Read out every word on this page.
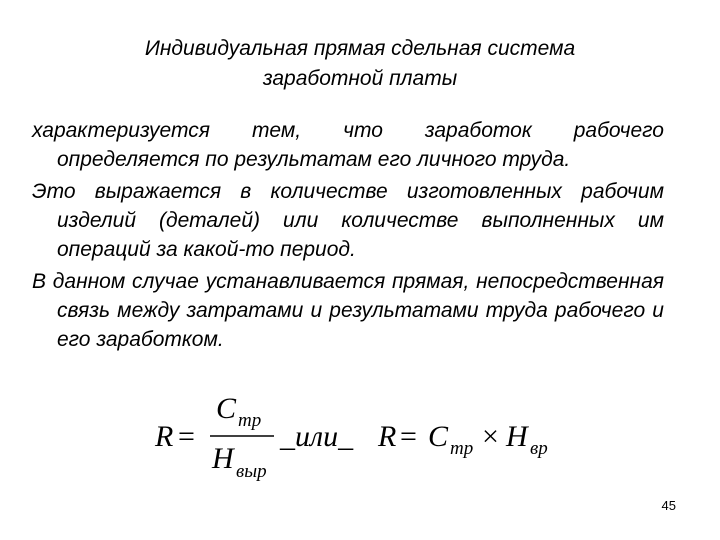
Индивидуальная прямая сдельная система
заработной платы

характеризуется тем, что заработок рабочего определяется по результатам его личного труда.

Это выражается в количестве изготовленных рабочим изделий (деталей) или количестве выполненных им операций за какой-то период.

В данном случае устанавливается прямая, непосредственная связь между затратами и результатами труда рабочего и его заработком.

R =
C тр
H выр
_или_ R = C тр × H вр
45
